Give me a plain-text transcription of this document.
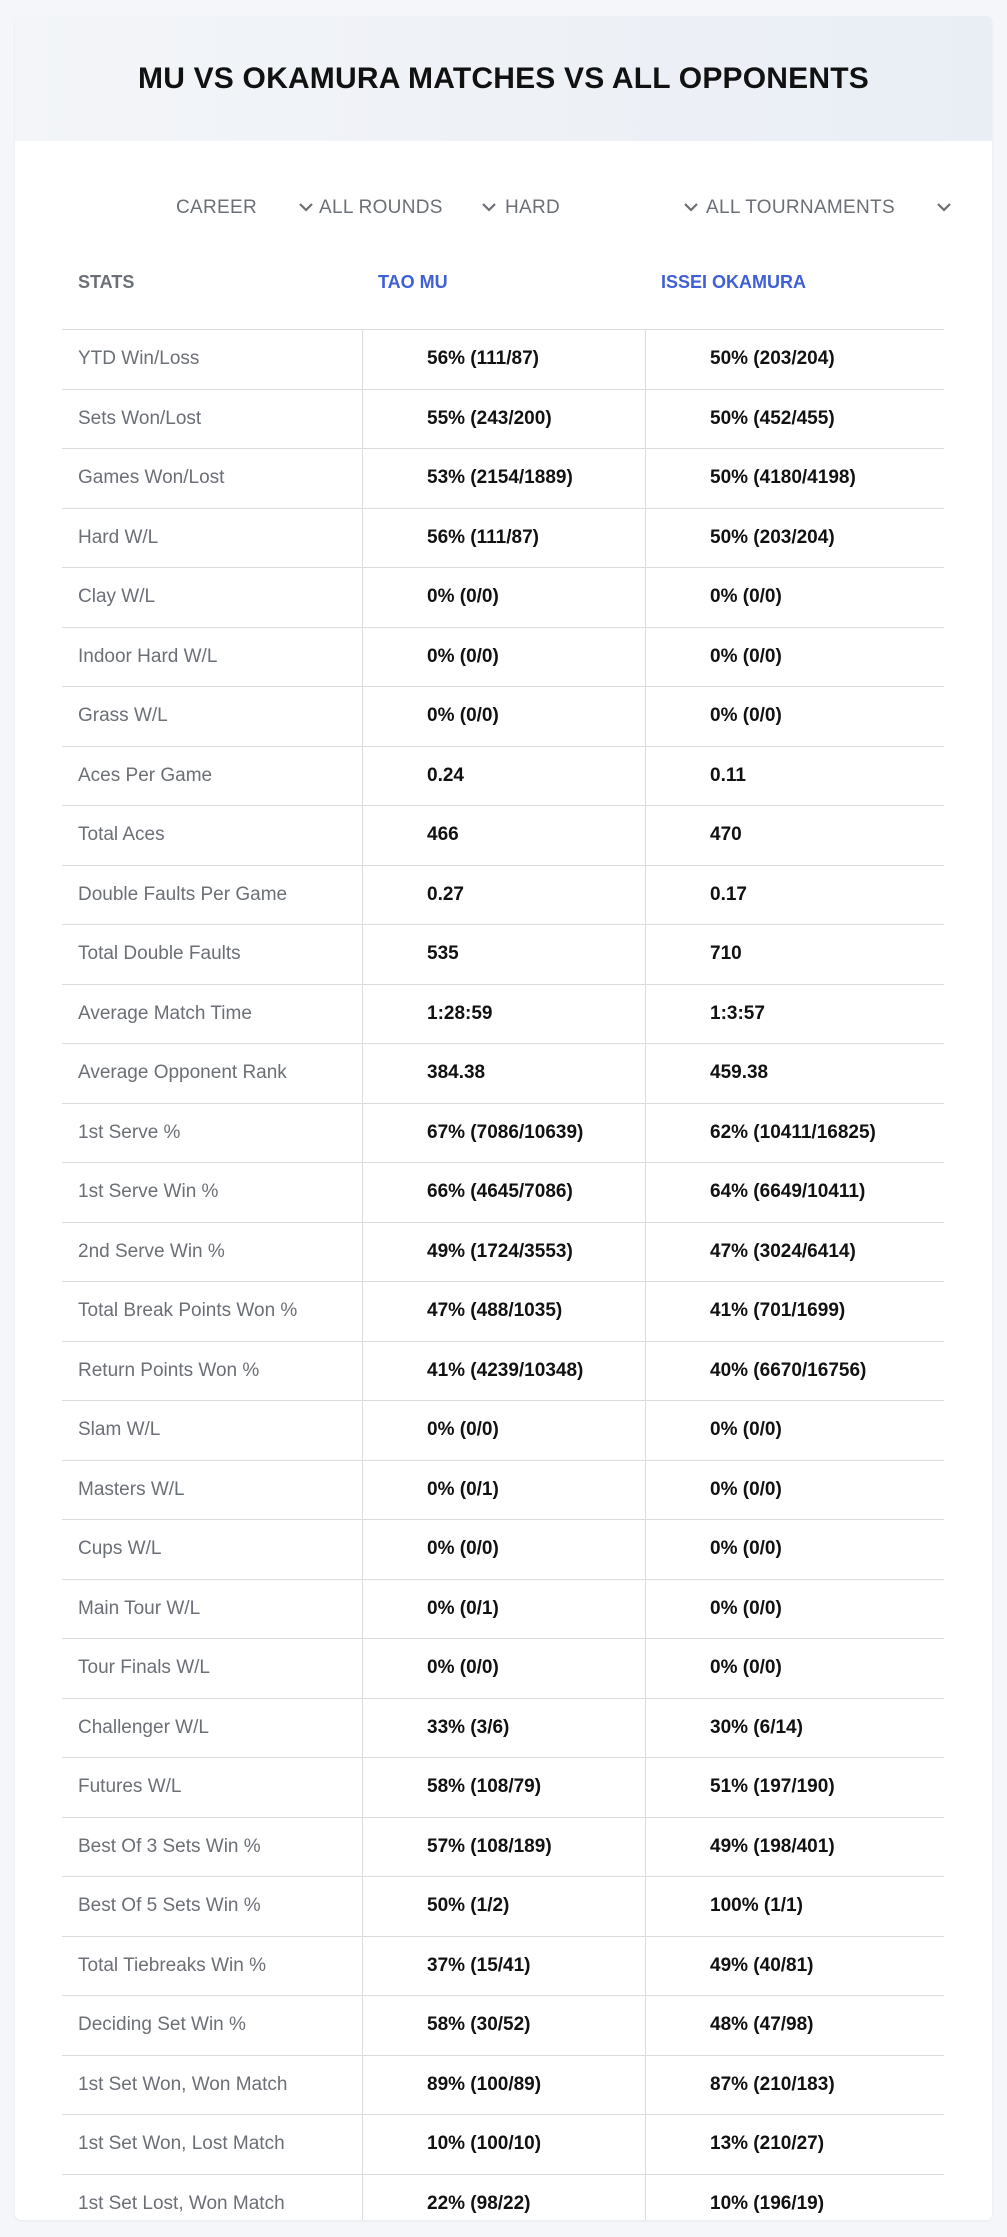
MU VS OKAMURA MATCHES VS ALL OPPONENTS
CAREER	ALL ROUNDS	HARD	ALL TOURNAMENTS
STATS	TAO MU	ISSEI OKAMURA
YTD Win/Loss	56% (111/87)	50% (203/204)
Sets Won/Lost	55% (243/200)	50% (452/455)
Games Won/Lost	53% (2154/1889)	50% (4180/4198)
Hard W/L	56% (111/87)	50% (203/204)
Clay W/L	0% (0/0)	0% (0/0)
Indoor Hard W/L	0% (0/0)	0% (0/0)
Grass W/L	0% (0/0)	0% (0/0)
Aces Per Game	0.24	0.11
Total Aces	466	470
Double Faults Per Game	0.27	0.17
Total Double Faults	535	710
Average Match Time	1:28:59	1:3:57
Average Opponent Rank	384.38	459.38
1st Serve %	67% (7086/10639)	62% (10411/16825)
1st Serve Win %	66% (4645/7086)	64% (6649/10411)
2nd Serve Win %	49% (1724/3553)	47% (3024/6414)
Total Break Points Won %	47% (488/1035)	41% (701/1699)
Return Points Won %	41% (4239/10348)	40% (6670/16756)
Slam W/L	0% (0/0)	0% (0/0)
Masters W/L	0% (0/1)	0% (0/0)
Cups W/L	0% (0/0)	0% (0/0)
Main Tour W/L	0% (0/1)	0% (0/0)
Tour Finals W/L	0% (0/0)	0% (0/0)
Challenger W/L	33% (3/6)	30% (6/14)
Futures W/L	58% (108/79)	51% (197/190)
Best Of 3 Sets Win %	57% (108/189)	49% (198/401)
Best Of 5 Sets Win %	50% (1/2)	100% (1/1)
Total Tiebreaks Win %	37% (15/41)	49% (40/81)
Deciding Set Win %	58% (30/52)	48% (47/98)
1st Set Won, Won Match	89% (100/89)	87% (210/183)
1st Set Won, Lost Match	10% (100/10)	13% (210/27)
1st Set Lost, Won Match	22% (98/22)	10% (196/19)
